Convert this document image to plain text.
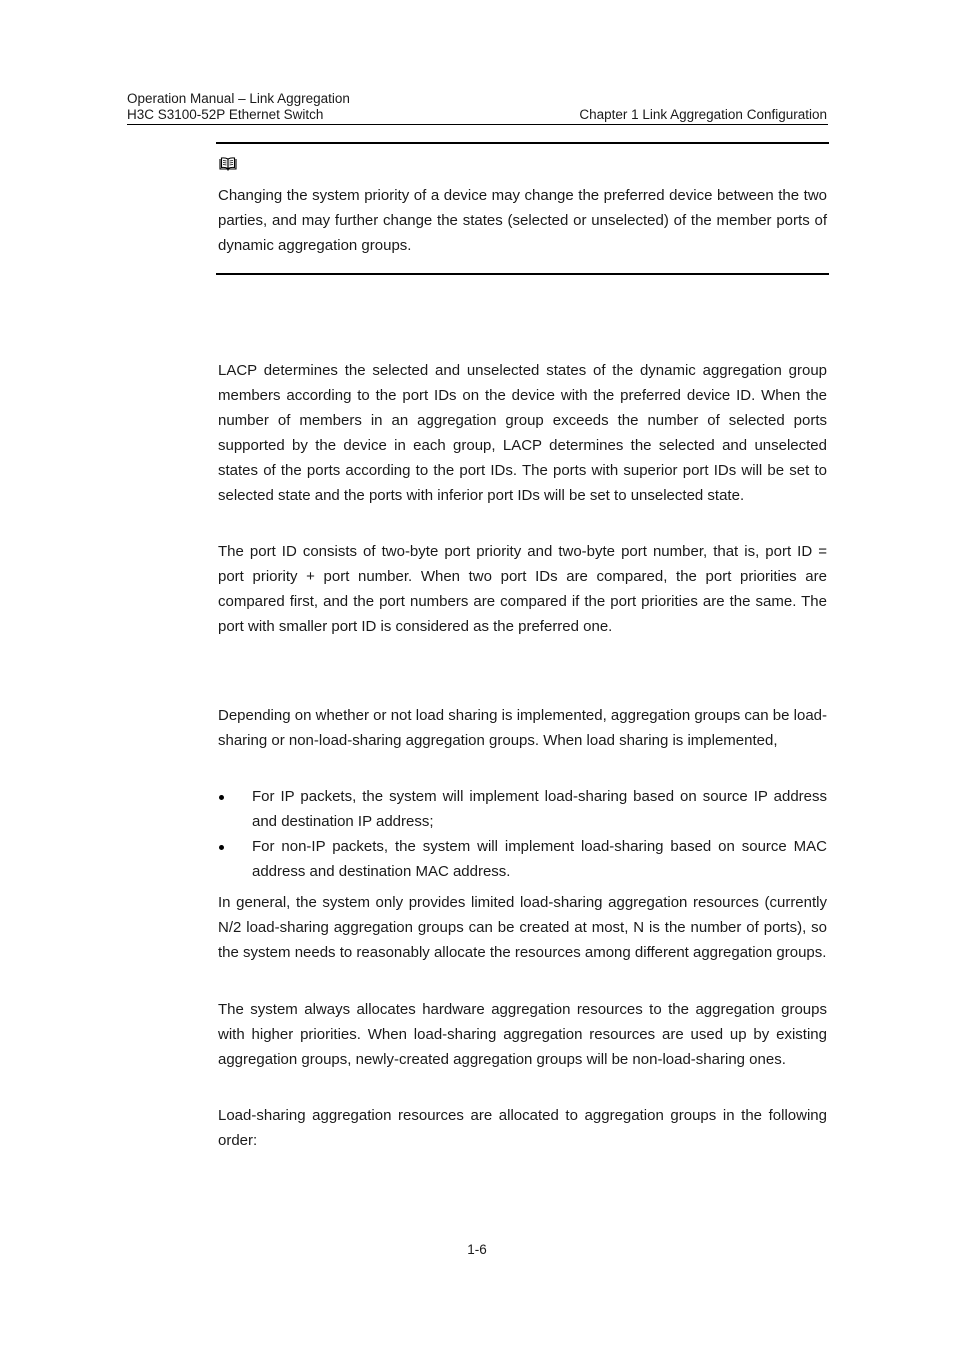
Operation Manual – Link Aggregation
H3C S3100-52P Ethernet Switch	Chapter 1 Link Aggregation Configuration

Changing the system priority of a device may change the preferred device between the two parties, and may further change the states (selected or unselected) of the member ports of dynamic aggregation groups.

LACP determines the selected and unselected states of the dynamic aggregation group members according to the port IDs on the device with the preferred device ID. When the number of members in an aggregation group exceeds the number of selected ports supported by the device in each group, LACP determines the selected and unselected states of the ports according to the port IDs. The ports with superior port IDs will be set to selected state and the ports with inferior port IDs will be set to unselected state.

The port ID consists of two-byte port priority and two-byte port number, that is, port ID = port priority + port number. When two port IDs are compared, the port priorities are compared first, and the port numbers are compared if the port priorities are the same. The port with smaller port ID is considered as the preferred one.

Depending on whether or not load sharing is implemented, aggregation groups can be load-sharing or non-load-sharing aggregation groups. When load sharing is implemented,

For IP packets, the system will implement load-sharing based on source IP address and destination IP address;
For non-IP packets, the system will implement load-sharing based on source MAC address and destination MAC address.

In general, the system only provides limited load-sharing aggregation resources (currently N/2 load-sharing aggregation groups can be created at most, N is the number of ports), so the system needs to reasonably allocate the resources among different aggregation groups.

The system always allocates hardware aggregation resources to the aggregation groups with higher priorities. When load-sharing aggregation resources are used up by existing aggregation groups, newly-created aggregation groups will be non-load-sharing ones.

Load-sharing aggregation resources are allocated to aggregation groups in the following order:

1-6
